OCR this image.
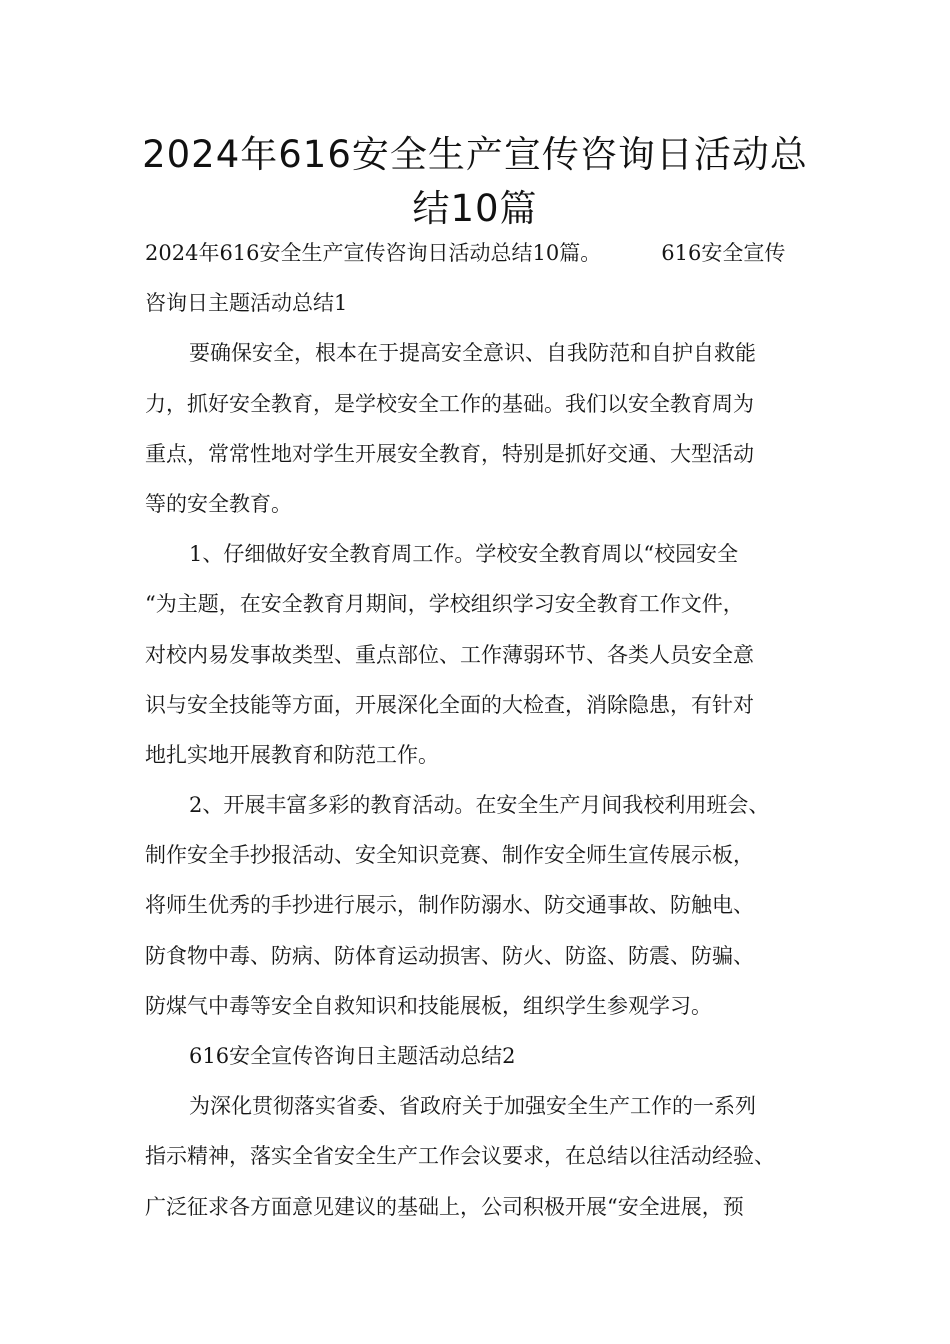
2024年616安全生产宣传咨询日活动总
结10篇
2024年616安全生产宣传咨询日活动总结10篇。	616安全宣传
咨询日主题活动总结1
要确保安全，根本在于提高安全意识、自我防范和自护自救能
力，抓好安全教育，是学校安全工作的基础。我们以安全教育周为
重点，常常性地对学生开展安全教育，特别是抓好交通、大型活动
等的安全教育。
1、仔细做好安全教育周工作。学校安全教育周以“校园安全
“为主题，在安全教育月期间，学校组织学习安全教育工作文件，
对校内易发事故类型、重点部位、工作薄弱环节、各类人员安全意
识与安全技能等方面，开展深化全面的大检查，消除隐患，有针对
地扎实地开展教育和防范工作。
2、开展丰富多彩的教育活动。在安全生产月间我校利用班会、
制作安全手抄报活动、安全知识竞赛、制作安全师生宣传展示板，
将师生优秀的手抄进行展示，制作防溺水、防交通事故、防触电、
防食物中毒、防病、防体育运动损害、防火、防盗、防震、防骗、
防煤气中毒等安全自救知识和技能展板，组织学生参观学习。
616安全宣传咨询日主题活动总结2
为深化贯彻落实省委、省政府关于加强安全生产工作的一系列
指示精神，落实全省安全生产工作会议要求，在总结以往活动经验、
广泛征求各方面意见建议的基础上，公司积极开展“安全进展，预
